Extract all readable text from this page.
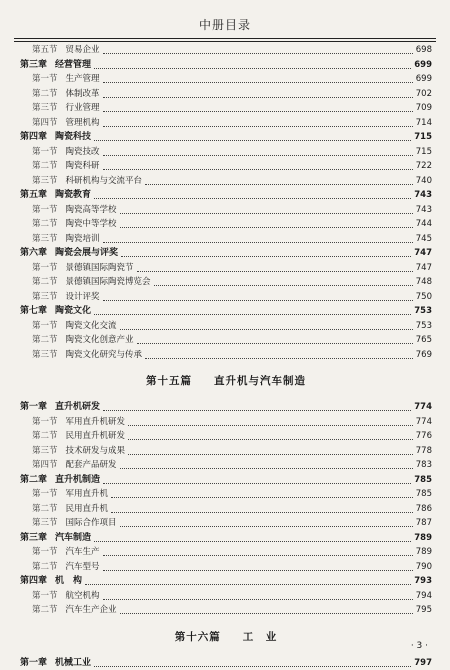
中册目录
第五节 贸易企业	698
第三章 经营管理	699
第一节 生产管理	699
第二节 体制改革	702
第三节 行业管理	709
第四节 管理机构	714
第四章 陶瓷科技	715
第一节 陶瓷技改	715
第二节 陶瓷科研	722
第三节 科研机构与交流平台	740
第五章 陶瓷教育	743
第一节 陶瓷高等学校	743
第二节 陶瓷中等学校	744
第三节 陶瓷培训	745
第六章 陶瓷会展与评奖	747
第一节 景德镇国际陶瓷节	747
第二节 景德镇国际陶瓷博览会	748
第三节 设计评奖	750
第七章 陶瓷文化	753
第一节 陶瓷文化交流	753
第二节 陶瓷文化创意产业	765
第三节 陶瓷文化研究与传承	769
第十五篇 直升机与汽车制造
第一章 直升机研发	774
第一节 军用直升机研发	774
第二节 民用直升机研发	776
第三节 技术研发与成果	778
第四节 配套产品研发	783
第二章 直升机制造	785
第一节 军用直升机	785
第二节 民用直升机	786
第三节 国际合作项目	787
第三章 汽车制造	789
第一节 汽车生产	789
第二节 汽车型号	790
第四章 机　构	793
第一节 航空机构	794
第二节 汽车生产企业	795
第十六篇 工　业
第一章 机械工业	797
· 3 ·
